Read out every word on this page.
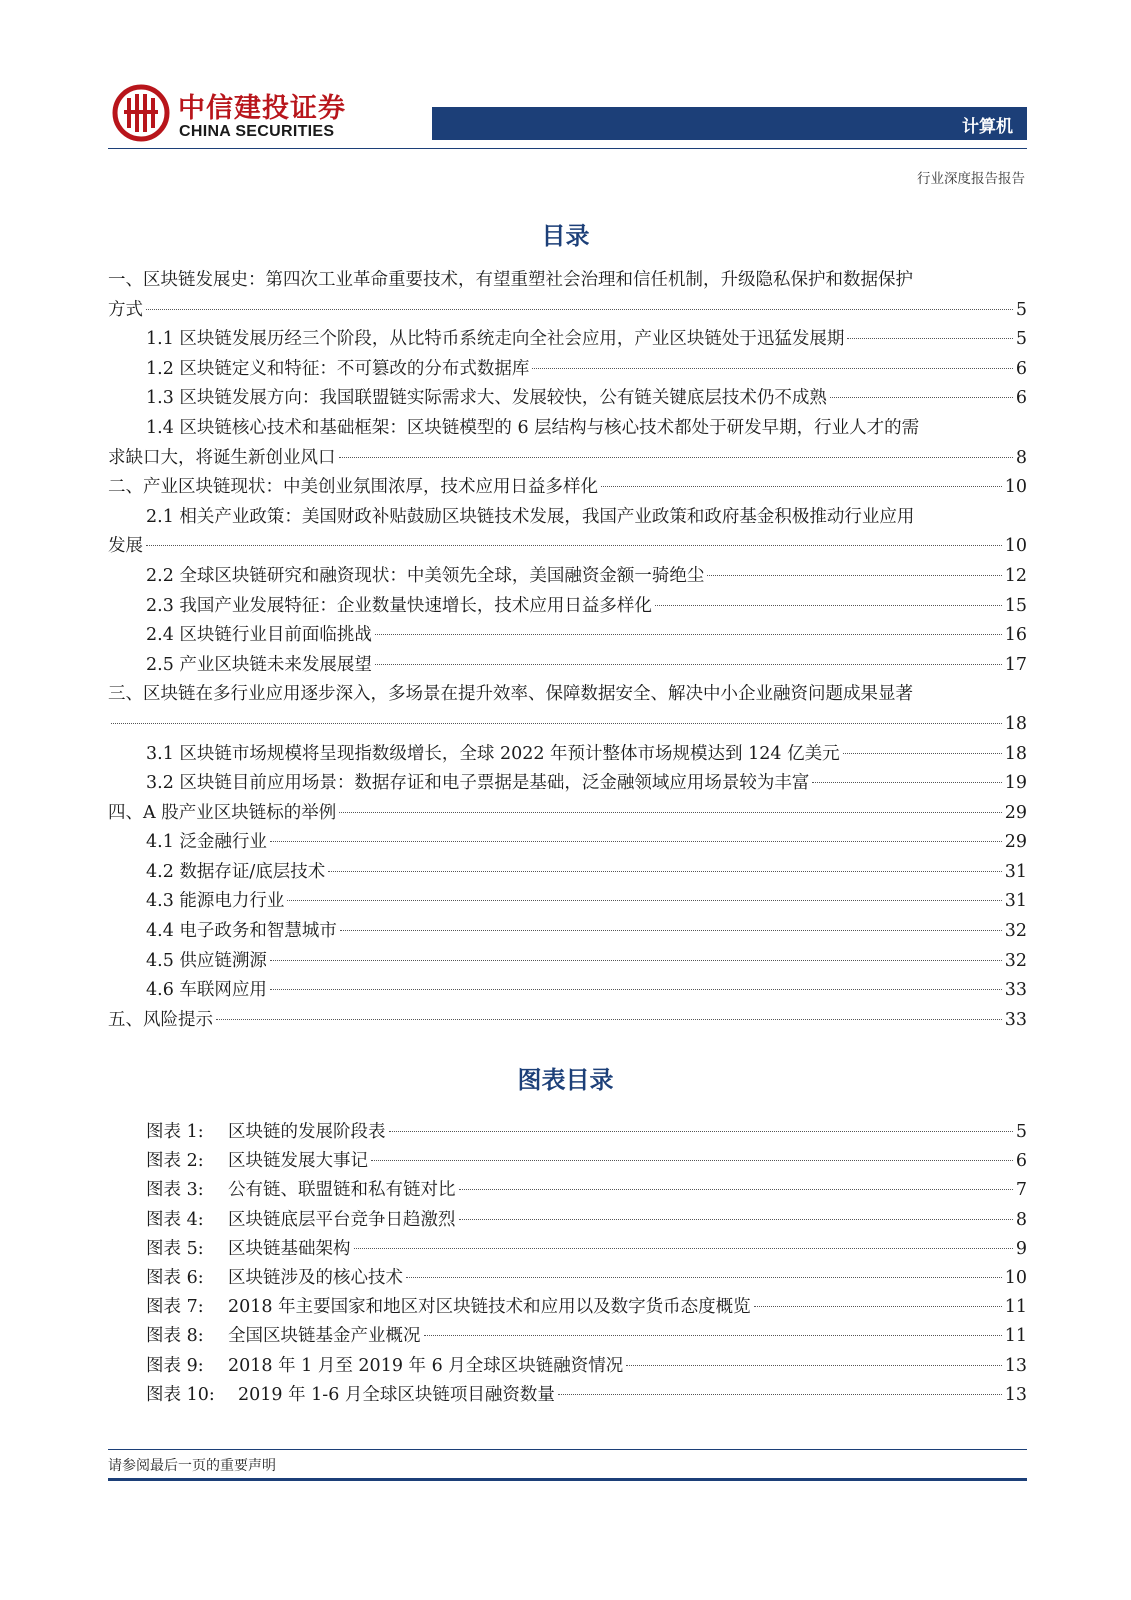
中信建投证券
CHINA SECURITIES	计算机
行业深度报告报告
目录
一、区块链发展史：第四次工业革命重要技术，有望重塑社会治理和信任机制，升级隐私保护和数据保护
方式	5
1.1 区块链发展历经三个阶段，从比特币系统走向全社会应用，产业区块链处于迅猛发展期	5
1.2 区块链定义和特征：不可篡改的分布式数据库	6
1.3 区块链发展方向：我国联盟链实际需求大、发展较快，公有链关键底层技术仍不成熟	6
1.4 区块链核心技术和基础框架：区块链模型的 6 层结构与核心技术都处于研发早期，行业人才的需
求缺口大，将诞生新创业风口	8
二、产业区块链现状：中美创业氛围浓厚，技术应用日益多样化	10
2.1 相关产业政策：美国财政补贴鼓励区块链技术发展，我国产业政策和政府基金积极推动行业应用
发展	10
2.2 全球区块链研究和融资现状：中美领先全球，美国融资金额一骑绝尘	12
2.3 我国产业发展特征：企业数量快速增长，技术应用日益多样化	15
2.4 区块链行业目前面临挑战	16
2.5 产业区块链未来发展展望	17
三、区块链在多行业应用逐步深入，多场景在提升效率、保障数据安全、解决中小企业融资问题成果显著
18
3.1 区块链市场规模将呈现指数级增长，全球 2022 年预计整体市场规模达到 124 亿美元	18
3.2 区块链目前应用场景：数据存证和电子票据是基础，泛金融领域应用场景较为丰富	19
四、A 股产业区块链标的举例	29
4.1 泛金融行业	29
4.2 数据存证/底层技术	31
4.3 能源电力行业	31
4.4 电子政务和智慧城市	32
4.5 供应链溯源	32
4.6 车联网应用	33
五、风险提示	33
图表目录
图表 1:	区块链的发展阶段表	5
图表 2:	区块链发展大事记	6
图表 3:	公有链、联盟链和私有链对比	7
图表 4:	区块链底层平台竞争日趋激烈	8
图表 5:	区块链基础架构	9
图表 6:	区块链涉及的核心技术	10
图表 7:	2018 年主要国家和地区对区块链技术和应用以及数字货币态度概览	11
图表 8:	全国区块链基金产业概况	11
图表 9:	2018 年 1 月至 2019 年 6 月全球区块链融资情况	13
图表 10:	2019 年 1-6 月全球区块链项目融资数量	13
请参阅最后一页的重要声明
